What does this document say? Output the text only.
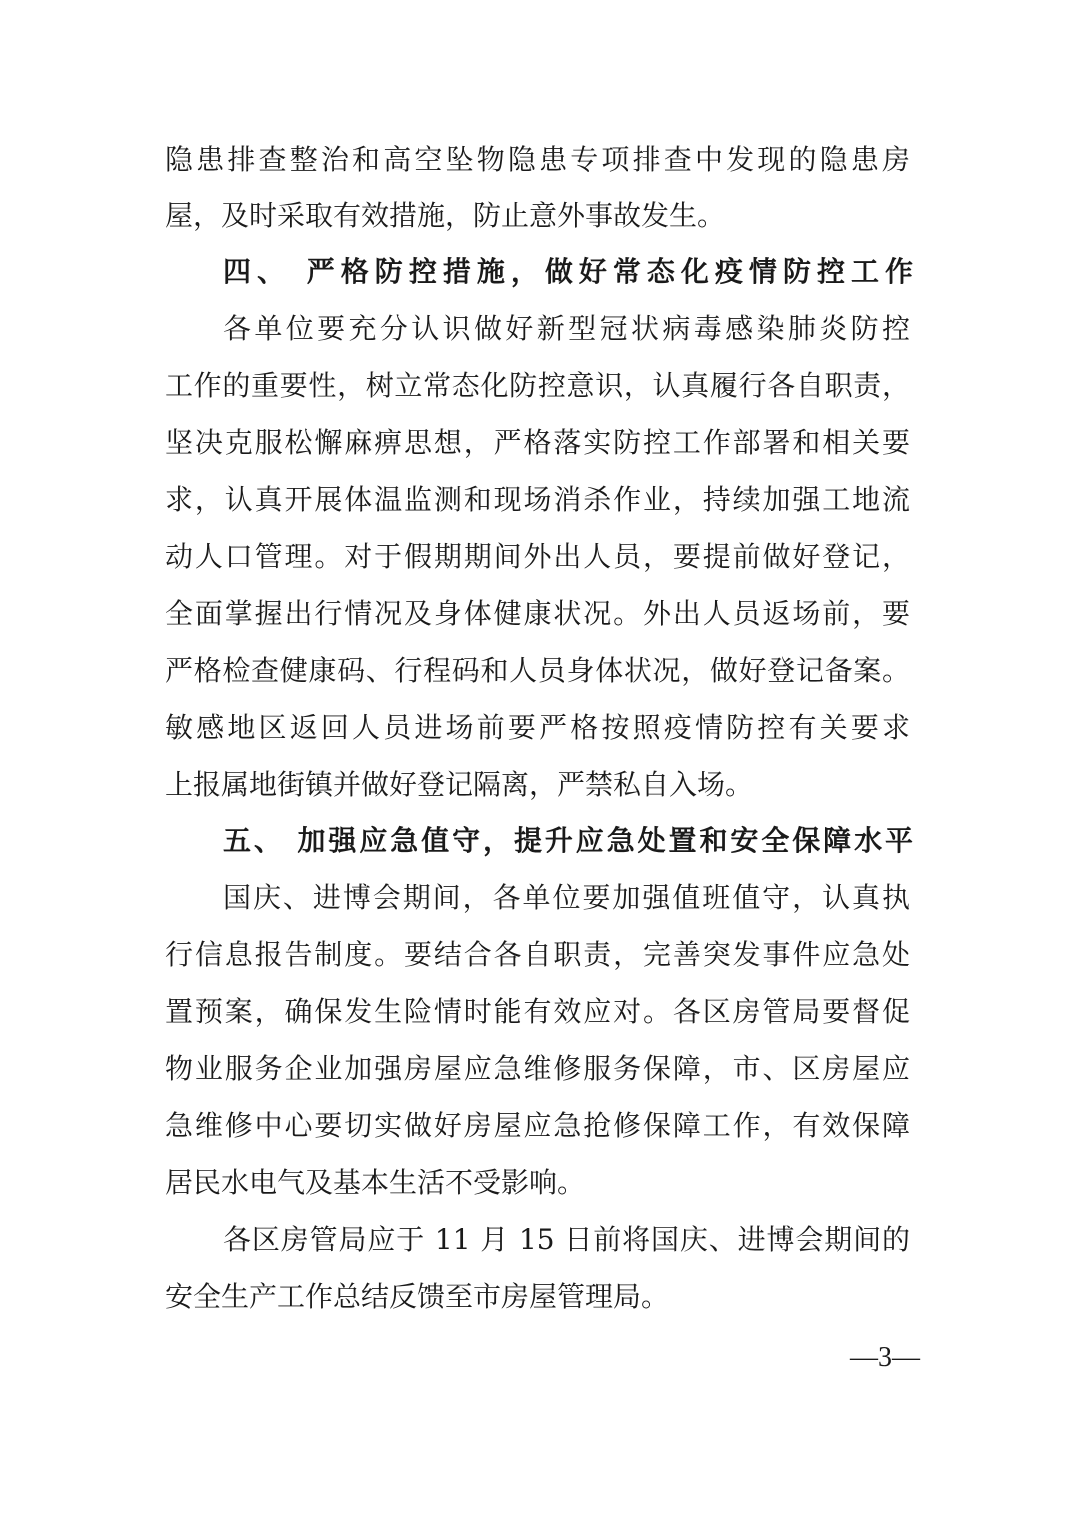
隐患排查整治和高空坠物隐患专项排查中发现的隐患房
屋，及时采取有效措施，防止意外事故发生。
四、 严格防控措施，做好常态化疫情防控工作
各单位要充分认识做好新型冠状病毒感染肺炎防控
工作的重要性，树立常态化防控意识，认真履行各自职责，
坚决克服松懈麻痹思想，严格落实防控工作部署和相关要
求，认真开展体温监测和现场消杀作业，持续加强工地流
动人口管理。对于假期期间外出人员，要提前做好登记，
全面掌握出行情况及身体健康状况。外出人员返场前，要
严格检查健康码、行程码和人员身体状况，做好登记备案。
敏感地区返回人员进场前要严格按照疫情防控有关要求
上报属地街镇并做好登记隔离，严禁私自入场。
五、 加强应急值守，提升应急处置和安全保障水平
国庆、进博会期间，各单位要加强值班值守，认真执
行信息报告制度。要结合各自职责，完善突发事件应急处
置预案，确保发生险情时能有效应对。各区房管局要督促
物业服务企业加强房屋应急维修服务保障，市、区房屋应
急维修中心要切实做好房屋应急抢修保障工作，有效保障
居民水电气及基本生活不受影响。
各区房管局应于 11 月 15 日前将国庆、进博会期间的
安全生产工作总结反馈至市房屋管理局。
—3—
